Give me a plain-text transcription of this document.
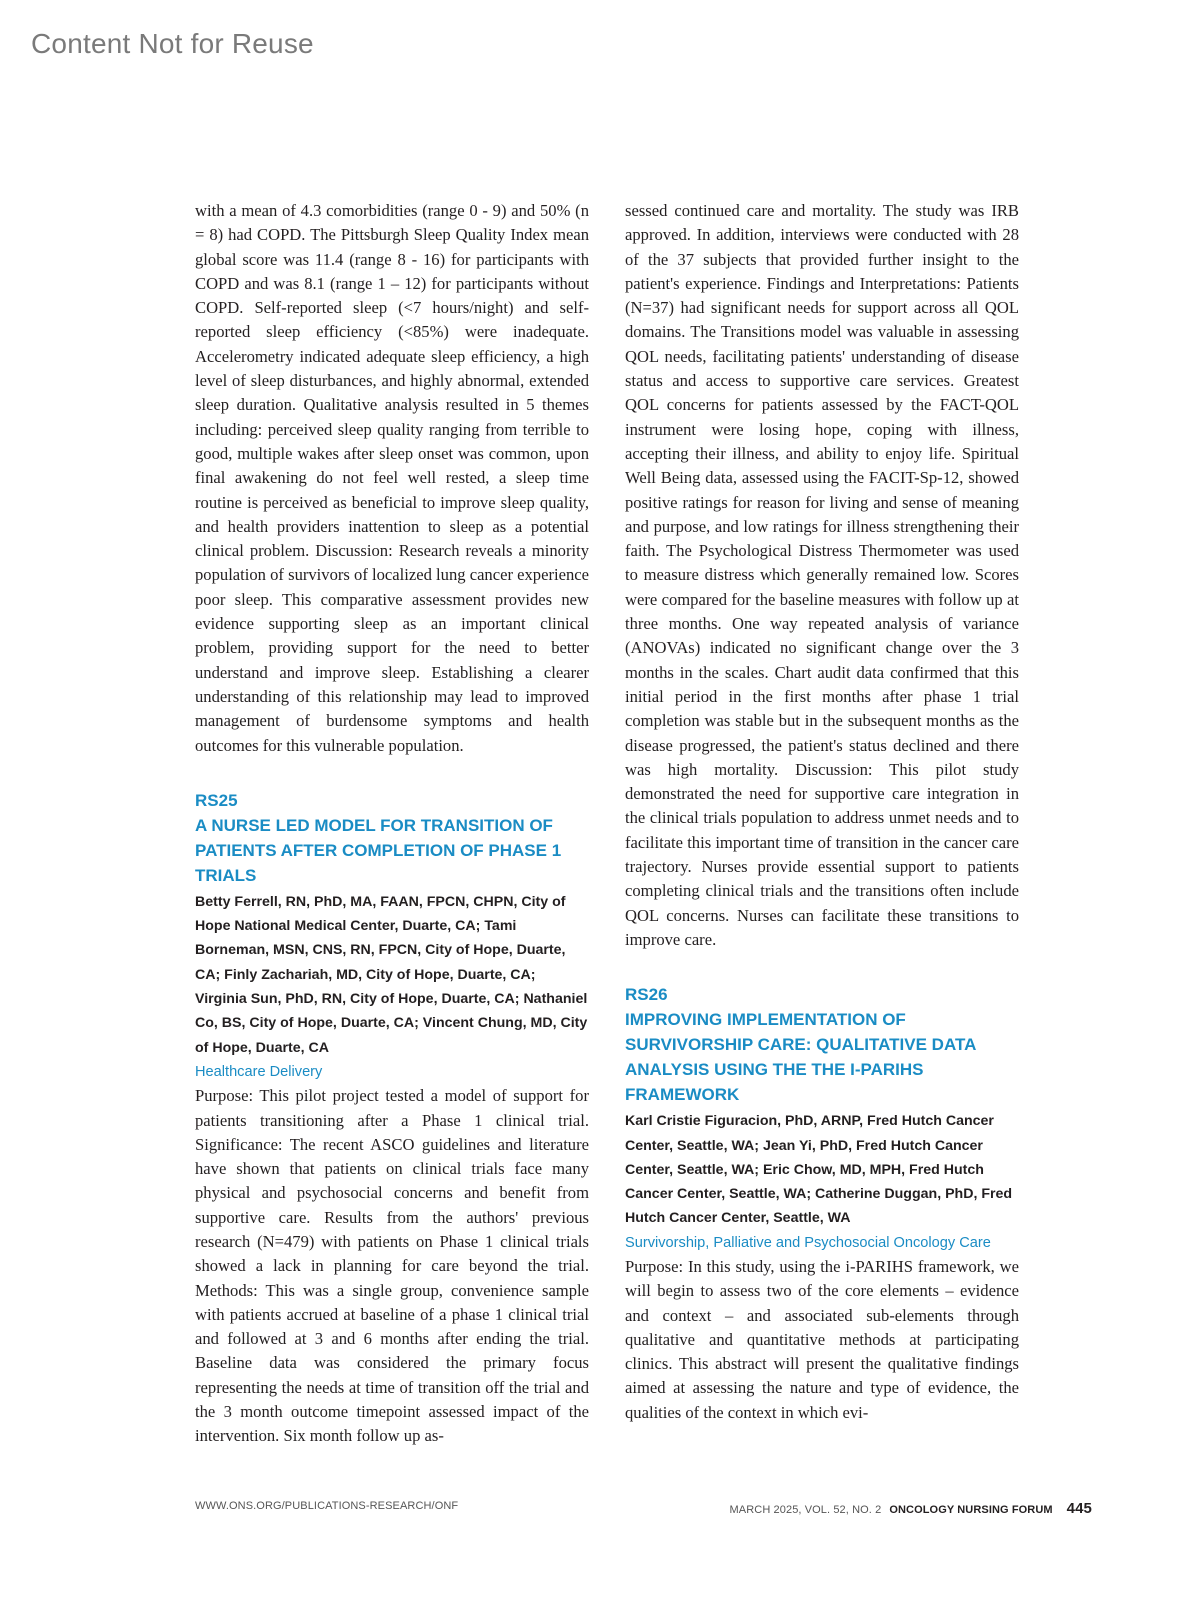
Content Not for Reuse

with a mean of 4.3 comorbidities (range 0 - 9) and 50% (n = 8) had COPD. The Pittsburgh Sleep Quality Index mean global score was 11.4 (range 8 - 16) for participants with COPD and was 8.1 (range 1 – 12) for participants without COPD. Self-reported sleep (<7 hours/night) and self-reported sleep efficiency (<85%) were inadequate. Accelerometry indicated adequate sleep efficiency, a high level of sleep disturbances, and highly abnormal, extended sleep duration. Qualitative analysis resulted in 5 themes including: perceived sleep quality ranging from terrible to good, multiple wakes after sleep onset was common, upon final awakening do not feel well rested, a sleep time routine is perceived as beneficial to improve sleep quality, and health providers inattention to sleep as a potential clinical problem. Discussion: Research reveals a minority population of survivors of localized lung cancer experience poor sleep. This comparative assessment provides new evidence supporting sleep as an important clinical problem, providing support for the need to better understand and improve sleep. Establishing a clearer understanding of this relationship may lead to improved management of burdensome symptoms and health outcomes for this vulnerable population.

RS25

A NURSE LED MODEL FOR TRANSITION OF PATIENTS AFTER COMPLETION OF PHASE 1 TRIALS

Betty Ferrell, RN, PhD, MA, FAAN, FPCN, CHPN, City of Hope National Medical Center, Duarte, CA; Tami Borneman, MSN, CNS, RN, FPCN, City of Hope, Duarte, CA; Finly Zachariah, MD, City of Hope, Duarte, CA; Virginia Sun, PhD, RN, City of Hope, Duarte, CA; Nathaniel Co, BS, City of Hope, Duarte, CA; Vincent Chung, MD, City of Hope, Duarte, CA

Healthcare Delivery

Purpose: This pilot project tested a model of support for patients transitioning after a Phase 1 clinical trial. Significance: The recent ASCO guidelines and literature have shown that patients on clinical trials face many physical and psychosocial concerns and benefit from supportive care. Results from the authors' previous research (N=479) with patients on Phase 1 clinical trials showed a lack in planning for care beyond the trial. Methods: This was a single group, convenience sample with patients accrued at baseline of a phase 1 clinical trial and followed at 3 and 6 months after ending the trial. Baseline data was considered the primary focus representing the needs at time of transition off the trial and the 3 month outcome timepoint assessed impact of the intervention. Six month follow up as-

sessed continued care and mortality. The study was IRB approved. In addition, interviews were conducted with 28 of the 37 subjects that provided further insight to the patient's experience. Findings and Interpretations: Patients (N=37) had significant needs for support across all QOL domains. The Transitions model was valuable in assessing QOL needs, facilitating patients' understanding of disease status and access to supportive care services. Greatest QOL concerns for patients assessed by the FACT-QOL instrument were losing hope, coping with illness, accepting their illness, and ability to enjoy life. Spiritual Well Being data, assessed using the FACIT-Sp-12, showed positive ratings for reason for living and sense of meaning and purpose, and low ratings for illness strengthening their faith. The Psychological Distress Thermometer was used to measure distress which generally remained low. Scores were compared for the baseline measures with follow up at three months. One way repeated analysis of variance (ANOVAs) indicated no significant change over the 3 months in the scales. Chart audit data confirmed that this initial period in the first months after phase 1 trial completion was stable but in the subsequent months as the disease progressed, the patient's status declined and there was high mortality. Discussion: This pilot study demonstrated the need for supportive care integration in the clinical trials population to address unmet needs and to facilitate this important time of transition in the cancer care trajectory. Nurses provide essential support to patients completing clinical trials and the transitions often include QOL concerns. Nurses can facilitate these transitions to improve care.

RS26

IMPROVING IMPLEMENTATION OF SURVIVORSHIP CARE: QUALITATIVE DATA ANALYSIS USING THE THE I-PARIHS FRAMEWORK

Karl Cristie Figuracion, PhD, ARNP, Fred Hutch Cancer Center, Seattle, WA; Jean Yi, PhD, Fred Hutch Cancer Center, Seattle, WA; Eric Chow, MD, MPH, Fred Hutch Cancer Center, Seattle, WA; Catherine Duggan, PhD, Fred Hutch Cancer Center, Seattle, WA

Survivorship, Palliative and Psychosocial Oncology Care

Purpose: In this study, using the i-PARIHS framework, we will begin to assess two of the core elements – evidence and context – and associated sub-elements through qualitative and quantitative methods at participating clinics. This abstract will present the qualitative findings aimed at assessing the nature and type of evidence, the qualities of the context in which evi-

WWW.ONS.ORG/PUBLICATIONS-RESEARCH/ONF	MARCH 2025, VOL. 52, NO. 2 ONCOLOGY NURSING FORUM 445
